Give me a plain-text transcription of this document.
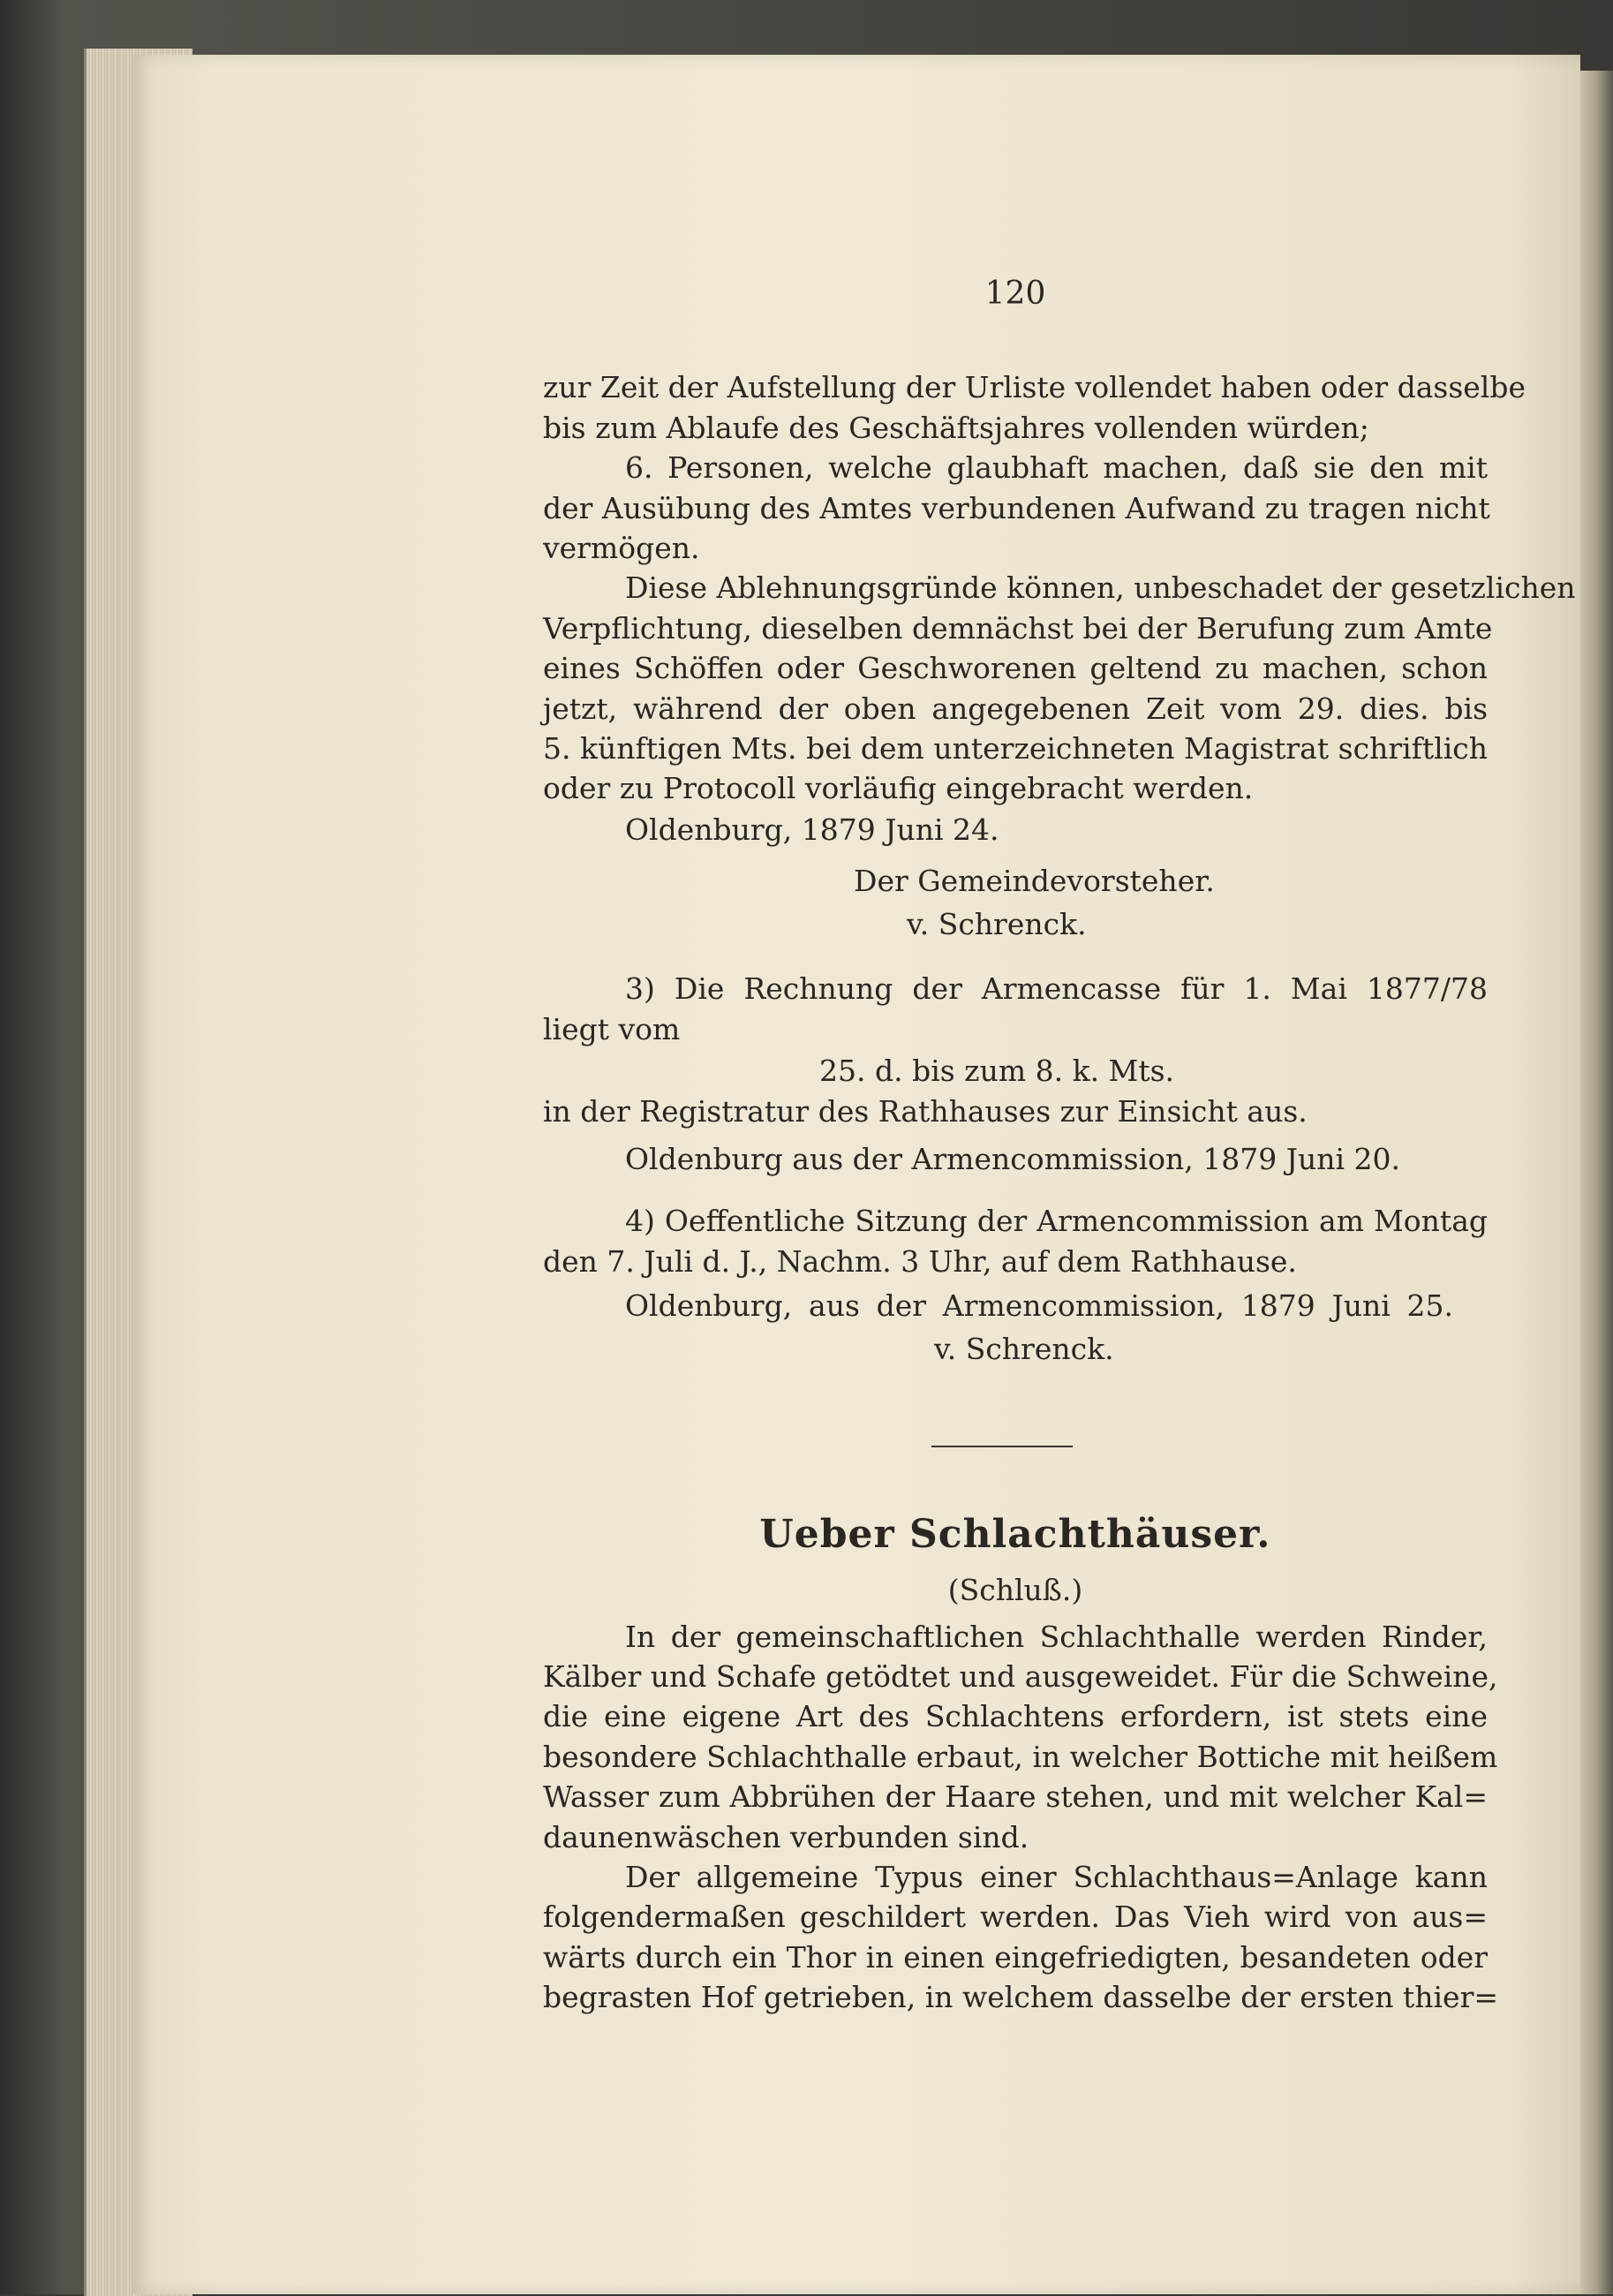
120
zur Zeit der Aufstellung der Urliste vollendet haben oder dasselbe
bis zum Ablaufe des Geschäftsjahres vollenden würden;
6. Personen, welche glaubhaft machen, daß sie den mit
der Ausübung des Amtes verbundenen Aufwand zu tragen nicht
vermögen.
Diese Ablehnungsgründe können, unbeschadet der gesetzlichen
Verpflichtung, dieselben demnächst bei der Berufung zum Amte
eines Schöffen oder Geschworenen geltend zu machen, schon
jetzt, während der oben angegebenen Zeit vom 29. dies. bis
5. künftigen Mts. bei dem unterzeichneten Magistrat schriftlich
oder zu Protocoll vorläufig eingebracht werden.
Oldenburg, 1879 Juni 24.
Der Gemeindevorsteher.
v. Schrenck.
3) Die Rechnung der Armencasse für 1. Mai 1877/78
liegt vom
25. d. bis zum 8. k. Mts.
in der Registratur des Rathhauses zur Einsicht aus.
Oldenburg aus der Armencommission, 1879 Juni 20.
4) Oeffentliche Sitzung der Armencommission am Montag
den 7. Juli d. J., Nachm. 3 Uhr, auf dem Rathhause.
Oldenburg, aus der Armencommission, 1879 Juni 25.
v. Schrenck.
Ueber Schlachthäuser.
(Schluß.)
In der gemeinschaftlichen Schlachthalle werden Rinder,
Kälber und Schafe getödtet und ausgeweidet. Für die Schweine,
die eine eigene Art des Schlachtens erfordern, ist stets eine
besondere Schlachthalle erbaut, in welcher Bottiche mit heißem
Wasser zum Abbrühen der Haare stehen, und mit welcher Kal=
daunenwäschen verbunden sind.
Der allgemeine Typus einer Schlachthaus=Anlage kann
folgendermaßen geschildert werden. Das Vieh wird von aus=
wärts durch ein Thor in einen eingefriedigten, besandeten oder
begrasten Hof getrieben, in welchem dasselbe der ersten thier=
